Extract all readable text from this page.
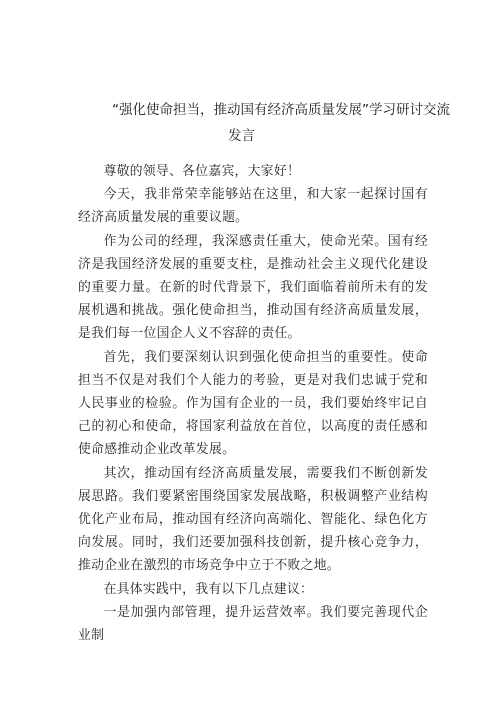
“强化使命担当，推动国有经济高质量发展”学习研讨交流
发言

尊敬的领导、各位嘉宾，大家好！

今天，我非常荣幸能够站在这里，和大家一起探讨国有经济高质量发展的重要议题。

作为公司的经理，我深感责任重大，使命光荣。国有经济是我国经济发展的重要支柱，是推动社会主义现代化建设的重要力量。在新的时代背景下，我们面临着前所未有的发展机遇和挑战。强化使命担当，推动国有经济高质量发展，是我们每一位国企人义不容辞的责任。

首先，我们要深刻认识到强化使命担当的重要性。使命担当不仅是对我们个人能力的考验，更是对我们忠诚于党和人民事业的检验。作为国有企业的一员，我们要始终牢记自己的初心和使命，将国家利益放在首位，以高度的责任感和使命感推动企业改革发展。

其次，推动国有经济高质量发展，需要我们不断创新发展思路。我们要紧密围绕国家发展战略，积极调整产业结构优化产业布局，推动国有经济向高端化、智能化、绿色化方向发展。同时，我们还要加强科技创新，提升核心竞争力，推动企业在激烈的市场竞争中立于不败之地。

在具体实践中，我有以下几点建议：

一是加强内部管理，提升运营效率。我们要完善现代企业制
